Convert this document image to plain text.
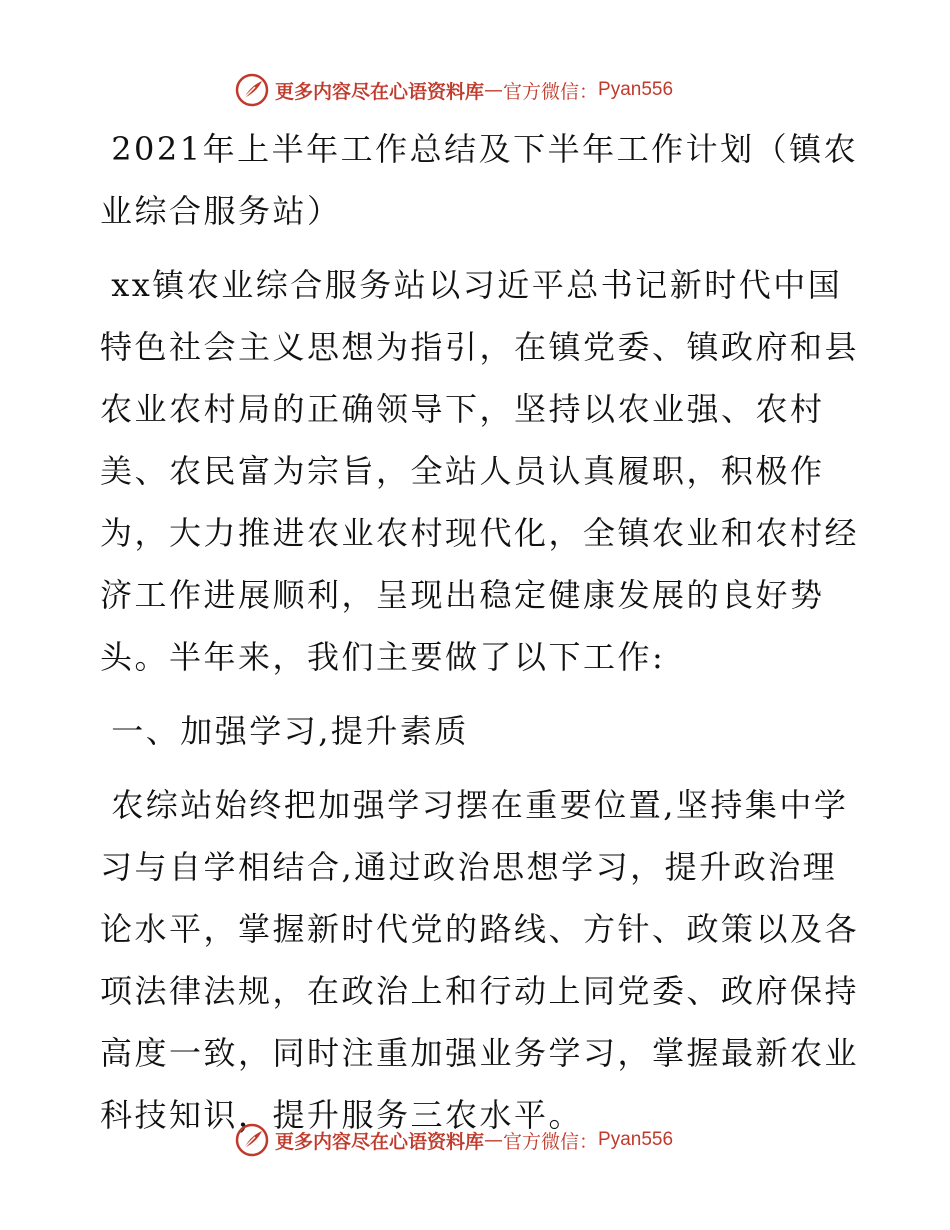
更多内容尽在心语资料库 — 官方微信： Pyan556

2021年上半年工作总结及下半年工作计划（镇农业综合服务站）

xx镇农业综合服务站以习近平总书记新时代中国特色社会主义思想为指引，在镇党委、镇政府和县农业农村局的正确领导下，坚持以农业强、农村美、农民富为宗旨，全站人员认真履职，积极作为，大力推进农业农村现代化，全镇农业和农村经济工作进展顺利，呈现出稳定健康发展的良好势头。半年来，我们主要做了以下工作:

一、加强学习,提升素质

农综站始终把加强学习摆在重要位置,坚持集中学习与自学相结合,通过政治思想学习，提升政治理论水平，掌握新时代党的路线、方针、政策以及各项法律法规，在政治上和行动上同党委、政府保持高度一致，同时注重加强业务学习，掌握最新农业科技知识，提升服务三农水平。

更多内容尽在心语资料库 — 官方微信： Pyan556
